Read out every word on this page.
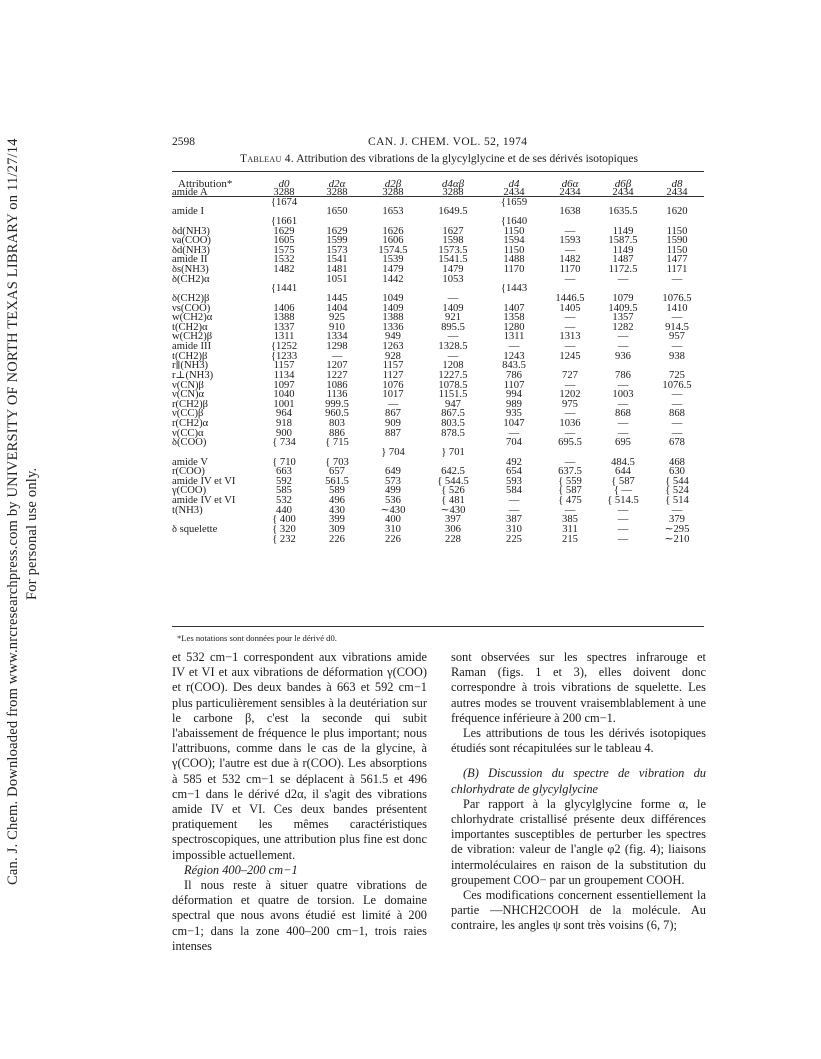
Can. J. Chem. Downloaded from www.nrcresearchpress.com by UNIVERSITY OF NORTH TEXAS LIBRARY on 11/27/14 For personal use only.
2598	CAN. J. CHEM. VOL. 52, 1974
Tableau 4. Attribution des vibrations de la glycylglycine et de ses dérivés isotopiques
Attribution*	d0	d2α	d2β	d4αβ	d4	d6α	d6β	d8
amide A	3288	3288	3288	3288	2434	2434	2434	2434
	{1674				{1659			
amide I		1650	1653	1649.5		1638	1635.5	1620
	{1661				{1640			
δd(NH3)	1629	1629	1626	1627	1150	—	1149	1150
νa(COO)	1605	1599	1606	1598	1594	1593	1587.5	1590
δd(NH3)	1575	1573	1574.5	1573.5	1150	—	1149	1150
amide II	1532	1541	1539	1541.5	1488	1482	1487	1477
δs(NH3)	1482	1481	1479	1479	1170	1170	1172.5	1171
δ(CH2)α		1051	1442	1053		—	—	—
	{1441				{1443			
δ(CH2)β		1445	1049	—		1446.5	1079	1076.5
νs(COO)	1406	1404	1409	1409	1407	1405	1409.5	1410
w(CH2)α	1388	925	1388	921	1358	—	1357	—
t(CH2)α	1337	910	1336	895.5	1280	—	1282	914.5
w(CH2)β	1311	1334	949	—	1311	1313	—	957
amide III	{1252	1298	1263	1328.5	—	—	—	—
t(CH2)β	{1233	—	928	—	1243	1245	936	938
r∥(NH3)	1157	1207	1157	1208	843.5			
r⊥(NH3)	1134	1227	1127	1227.5	786	727	786	725
ν(CN)β	1097	1086	1076	1078.5	1107	—	—	1076.5
ν(CN)α	1040	1136	1017	1151.5	994	1202	1003	—
r(CH2)β	1001	999.5	—	947	989	975	—	—
ν(CC)β	964	960.5	867	867.5	935	—	868	868
r(CH2)α	918	803	909	803.5	1047	1036	—	—
ν(CC)α	900	886	887	878.5	—	—	—	—
δ(COO)	{ 734	{ 715			704	695.5	695	678
			} 704	} 701				
amide V	{ 710	{ 703			492	—	484.5	468
r(COO)	663	657	649	642.5	654	637.5	644	630
amide IV et VI	592	561.5	573	{ 544.5	593	{ 559	{ 587	{ 544
γ(COO)	585	589	499	{ 526	584	{ 587	{ —	{ 524
amide IV et VI	532	496	536	{ 481	—	{ 475	{ 514.5	{ 514
t(NH3)	440	430	∼430	∼430	—	—	—	—
	{ 400	399	400	397	387	385	—	379
δ squelette	{ 320	309	310	306	310	311	—	∼295
	{ 232	226	226	228	225	215	—	∼210
*Les notations sont données pour le dérivé d0.

et 532 cm−1 correspondent aux vibrations amide IV et VI et aux vibrations de déformation γ(COO) et r(COO). Des deux bandes à 663 et 592 cm−1 plus particulièrement sensibles à la deutériation sur le carbone β, c'est la seconde qui subit l'abaissement de fréquence le plus important; nous l'attribuons, comme dans le cas de la glycine, à γ(COO); l'autre est due à r(COO). Les absorptions à 585 et 532 cm−1 se déplacent à 561.5 et 496 cm−1 dans le dérivé d2α, il s'agit des vibrations amide IV et VI. Ces deux bandes présentent pratiquement les mêmes caractéristiques spectroscopiques, une attribution plus fine est donc impossible actuellement.

Région 400–200 cm−1

Il nous reste à situer quatre vibrations de déformation et quatre de torsion. Le domaine spectral que nous avons étudié est limité à 200 cm−1; dans la zone 400–200 cm−1, trois raies intenses

sont observées sur les spectres infrarouge et Raman (figs. 1 et 3), elles doivent donc correspondre à trois vibrations de squelette. Les autres modes se trouvent vraisemblablement à une fréquence inférieure à 200 cm−1.

Les attributions de tous les dérivés isotopiques étudiés sont récapitulées sur le tableau 4.

(B) Discussion du spectre de vibration du chlorhydrate de glycylglycine

Par rapport à la glycylglycine forme α, le chlorhydrate cristallisé présente deux différences importantes susceptibles de perturber les spectres de vibration: valeur de l'angle φ2 (fig. 4); liaisons intermoléculaires en raison de la substitution du groupement COO− par un groupement COOH.

Ces modifications concernent essentiellement la partie —NHCH2COOH de la molécule. Au contraire, les angles ψ sont très voisins (6, 7);
